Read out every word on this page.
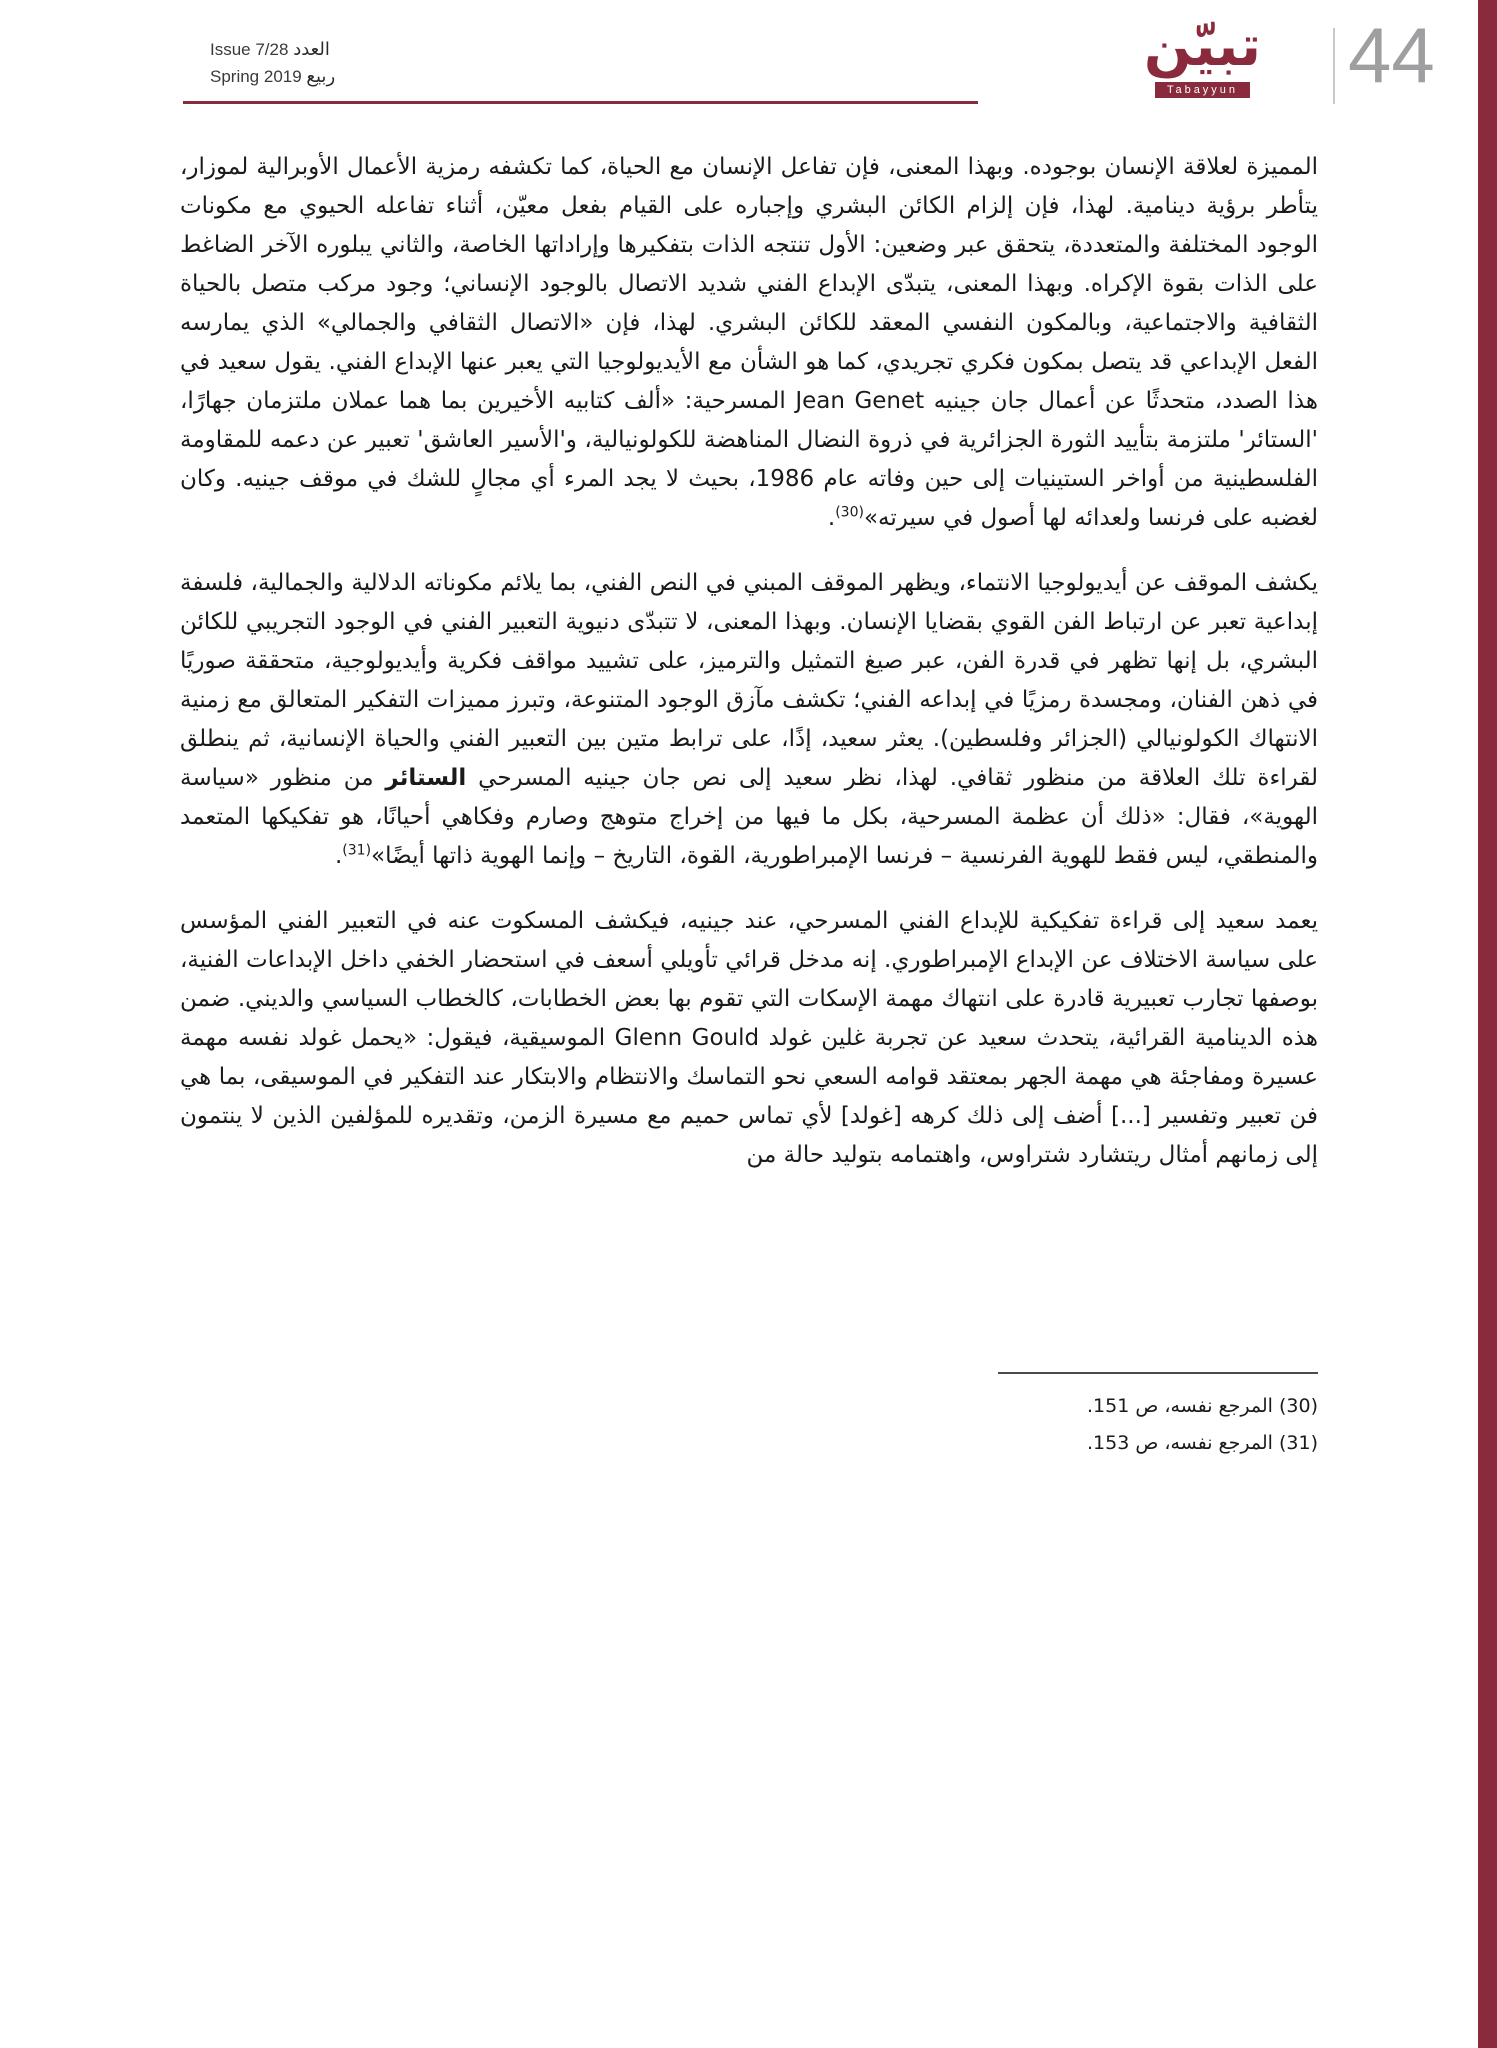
Issue 7/28 العدد
Spring 2019 ربيع	تبيّن
Tabayyun	44

المميزة لعلاقة الإنسان بوجوده. وبهذا المعنى، فإن تفاعل الإنسان مع الحياة، كما تكشفه رمزية الأعمال الأوبرالية لموزار، يتأطر برؤية دينامية. لهذا، فإن إلزام الكائن البشري وإجباره على القيام بفعل معيّن، أثناء تفاعله الحيوي مع مكونات الوجود المختلفة والمتعددة، يتحقق عبر وضعين: الأول تنتجه الذات بتفكيرها وإراداتها الخاصة، والثاني يبلوره الآخر الضاغط على الذات بقوة الإكراه. وبهذا المعنى، يتبدّى الإبداع الفني شديد الاتصال بالوجود الإنساني؛ وجود مركب متصل بالحياة الثقافية والاجتماعية، وبالمكون النفسي المعقد للكائن البشري. لهذا، فإن «الاتصال الثقافي والجمالي» الذي يمارسه الفعل الإبداعي قد يتصل بمكون فكري تجريدي، كما هو الشأن مع الأيديولوجيا التي يعبر عنها الإبداع الفني. يقول سعيد في هذا الصدد، متحدثًا عن أعمال جان جينيه Jean Genet المسرحية: «ألف كتابيه الأخيرين بما هما عملان ملتزمان جهارًا، 'الستائر' ملتزمة بتأييد الثورة الجزائرية في ذروة النضال المناهضة للكولونيالية، و'الأسير العاشق' تعبير عن دعمه للمقاومة الفلسطينية من أواخر الستينيات إلى حين وفاته عام 1986، بحيث لا يجد المرء أي مجالٍ للشك في موقف جينيه. وكان لغضبه على فرنسا ولعدائه لها أصول في سيرته»$^{(30)}$.

يكشف الموقف عن أيديولوجيا الانتماء، ويظهر الموقف المبني في النص الفني، بما يلائم مكوناته الدلالية والجمالية، فلسفة إبداعية تعبر عن ارتباط الفن القوي بقضايا الإنسان. وبهذا المعنى، لا تتبدّى دنيوية التعبير الفني في الوجود التجريبي للكائن البشري، بل إنها تظهر في قدرة الفن، عبر صيغ التمثيل والترميز، على تشييد مواقف فكرية وأيديولوجية، متحققة صوريًا في ذهن الفنان، ومجسدة رمزيًا في إبداعه الفني؛ تكشف مآزق الوجود المتنوعة، وتبرز مميزات التفكير المتعالق مع زمنية الانتهاك الكولونيالي (الجزائر وفلسطين). يعثر سعيد، إذًا، على ترابط متين بين التعبير الفني والحياة الإنسانية، ثم ينطلق لقراءة تلك العلاقة من منظور ثقافي. لهذا، نظر سعيد إلى نص جان جينيه المسرحي الستائر من منظور «سياسة الهوية»، فقال: «ذلك أن عظمة المسرحية، بكل ما فيها من إخراج متوهج وصارم وفكاهي أحيانًا، هو تفكيكها المتعمد والمنطقي، ليس فقط للهوية الفرنسية – فرنسا الإمبراطورية، القوة، التاريخ – وإنما الهوية ذاتها أيضًا»$^{(31)}$.

يعمد سعيد إلى قراءة تفكيكية للإبداع الفني المسرحي، عند جينيه، فيكشف المسكوت عنه في التعبير الفني المؤسس على سياسة الاختلاف عن الإبداع الإمبراطوري. إنه مدخل قرائي تأويلي أسعف في استحضار الخفي داخل الإبداعات الفنية، بوصفها تجارب تعبيرية قادرة على انتهاك مهمة الإسكات التي تقوم بها بعض الخطابات، كالخطاب السياسي والديني. ضمن هذه الدينامية القرائية، يتحدث سعيد عن تجربة غلين غولد Glenn Gould الموسيقية، فيقول: «يحمل غولد نفسه مهمة عسيرة ومفاجئة هي مهمة الجهر بمعتقد قوامه السعي نحو التماسك والانتظام والابتكار عند التفكير في الموسيقى، بما هي فن تعبير وتفسير [...] أضف إلى ذلك كرهه [غولد] لأي تماس حميم مع مسيرة الزمن، وتقديره للمؤلفين الذين لا ينتمون إلى زمانهم أمثال ريتشارد شتراوس، واهتمامه بتوليد حالة من

(30) المرجع نفسه، ص 151.
(31) المرجع نفسه، ص 153.
